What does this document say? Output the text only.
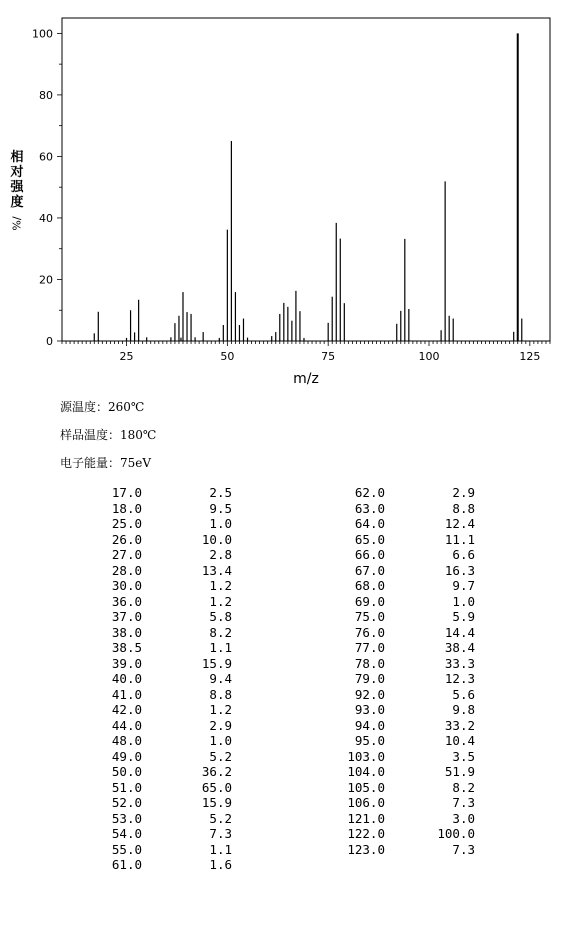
25	50	75	100	125
0
20
40
60
80
100
m/z
相对强度
%/
源温度：260℃
样品温度：180℃
电子能量：75eV
17.0	2.5
18.0	9.5
25.0	1.0
26.0	10.0
27.0	2.8
28.0	13.4
30.0	1.2
36.0	1.2
37.0	5.8
38.0	8.2
38.5	1.1
39.0	15.9
40.0	9.4
41.0	8.8
42.0	1.2
44.0	2.9
48.0	1.0
49.0	5.2
50.0	36.2
51.0	65.0
52.0	15.9
53.0	5.2
54.0	7.3
55.0	1.1
61.0	1.6
62.0	2.9
63.0	8.8
64.0	12.4
65.0	11.1
66.0	6.6
67.0	16.3
68.0	9.7
69.0	1.0
75.0	5.9
76.0	14.4
77.0	38.4
78.0	33.3
79.0	12.3
92.0	5.6
93.0	9.8
94.0	33.2
95.0	10.4
103.0	3.5
104.0	51.9
105.0	8.2
106.0	7.3
121.0	3.0
122.0	100.0
123.0	7.3
